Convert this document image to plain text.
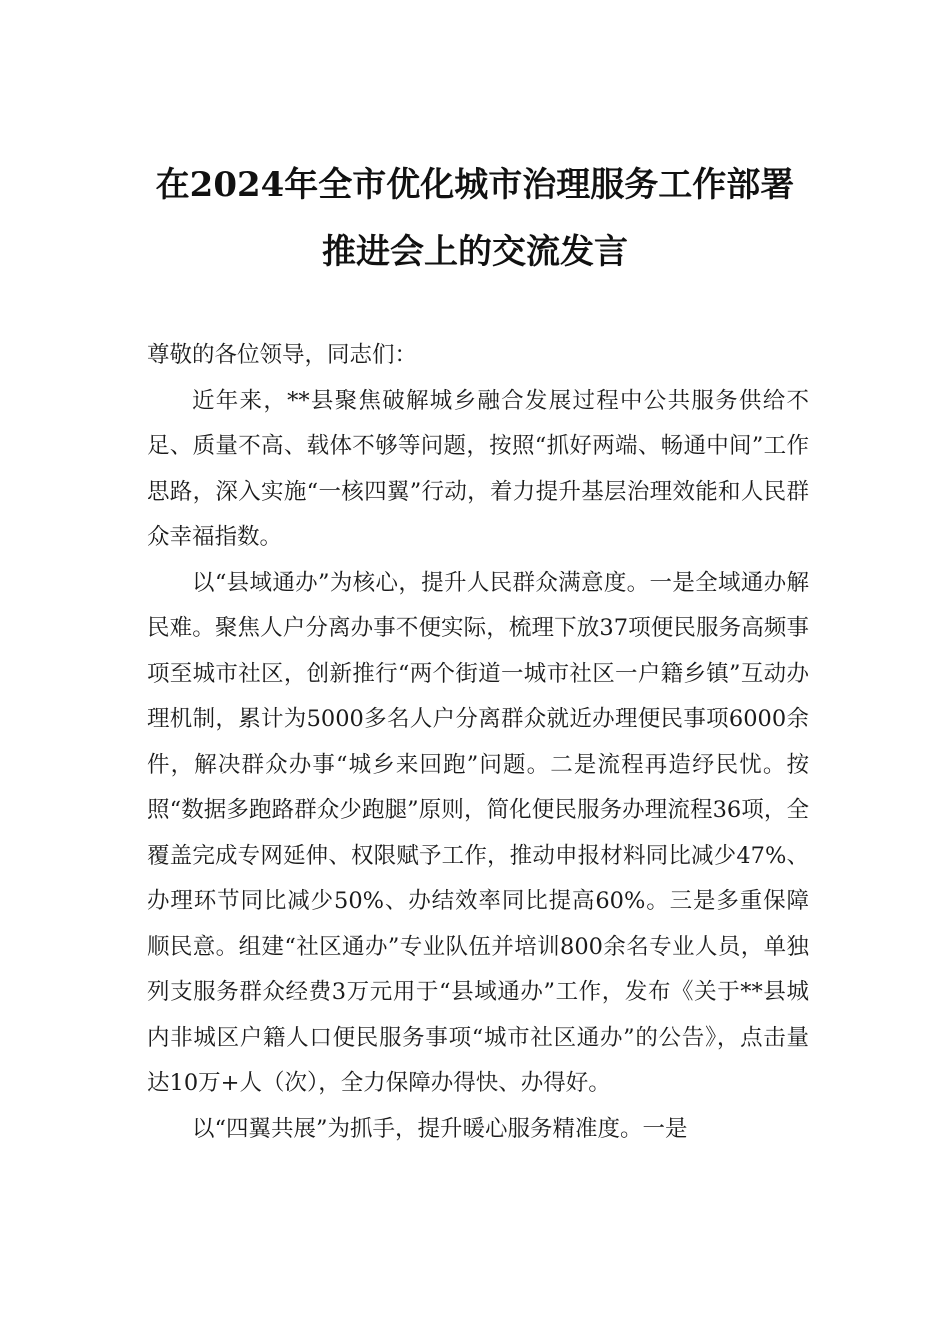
在2024年全市优化城市治理服务工作部署
推进会上的交流发言

尊敬的各位领导，同志们：

近年来，**县聚焦破解城乡融合发展过程中公共服务供给不足、质量不高、载体不够等问题，按照“抓好两端、畅通中间”工作思路，深入实施“一核四翼”行动，着力提升基层治理效能和人民群众幸福指数。

以“县域通办”为核心，提升人民群众满意度。一是全域通办解民难。聚焦人户分离办事不便实际，梳理下放37项便民服务高频事项至城市社区，创新推行“两个街道一城市社区一户籍乡镇”互动办理机制，累计为5000多名人户分离群众就近办理便民事项6000余件，解决群众办事“城乡来回跑”问题。二是流程再造纾民忧。按照“数据多跑路群众少跑腿”原则，简化便民服务办理流程36项，全覆盖完成专网延伸、权限赋予工作，推动申报材料同比减少47%、办理环节同比减少50%、办结效率同比提高60%。三是多重保障顺民意。组建“社区通办”专业队伍并培训800余名专业人员，单独列支服务群众经费3万元用于“县域通办”工作，发布《关于**县城内非城区户籍人口便民服务事项“城市社区通办”的公告》，点击量达10万+人（次），全力保障办得快、办得好。

以“四翼共展”为抓手，提升暖心服务精准度。一是
